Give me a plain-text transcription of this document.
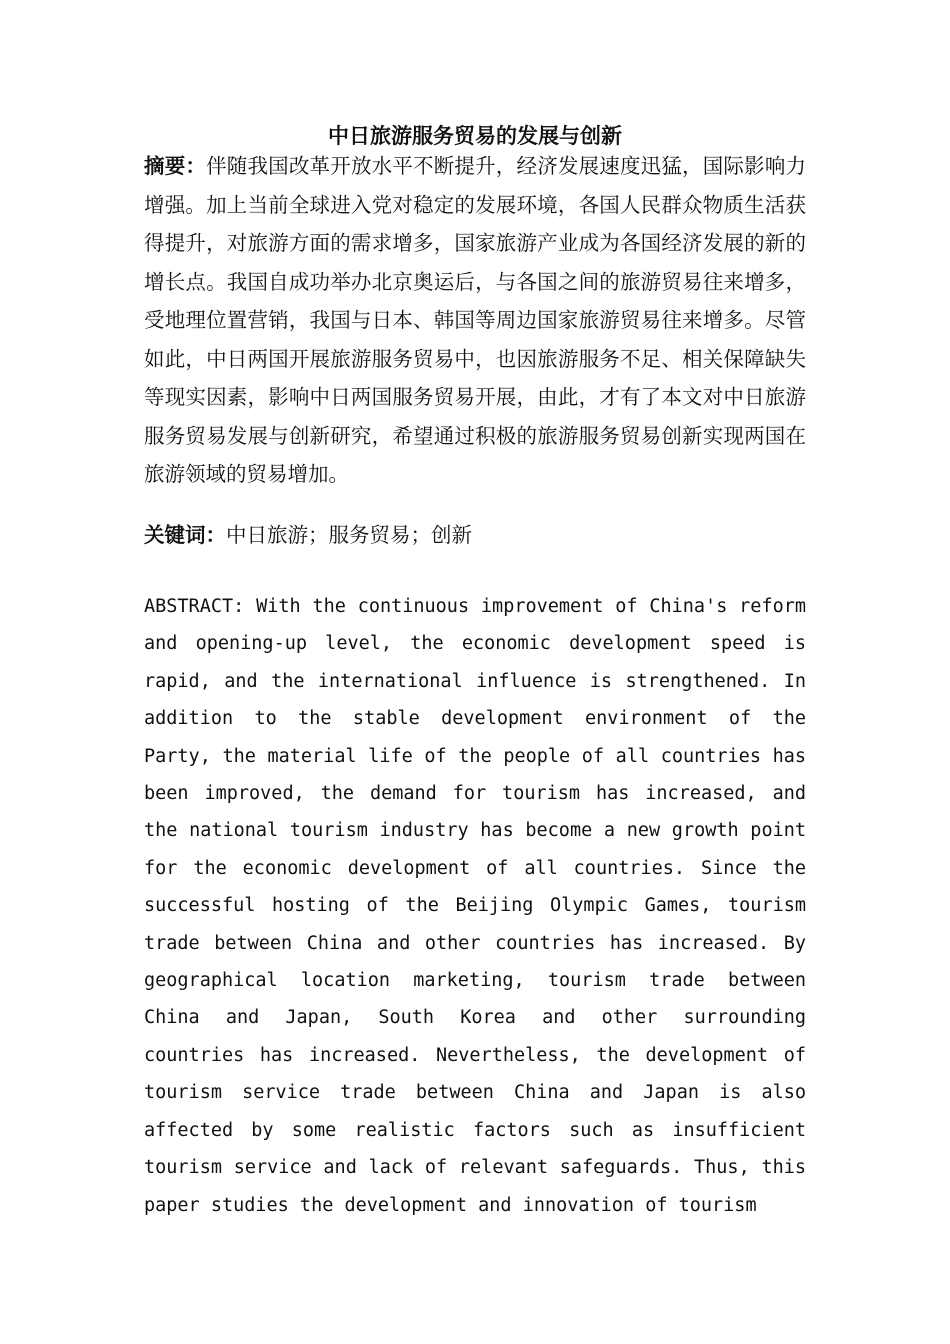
中日旅游服务贸易的发展与创新

摘要：伴随我国改革开放水平不断提升，经济发展速度迅猛，国际影响力增强。加上当前全球进入党对稳定的发展环境，各国人民群众物质生活获得提升，对旅游方面的需求增多，国家旅游产业成为各国经济发展的新的增长点。我国自成功举办北京奥运后，与各国之间的旅游贸易往来增多，受地理位置营销，我国与日本、韩国等周边国家旅游贸易往来增多。尽管如此，中日两国开展旅游服务贸易中，也因旅游服务不足、相关保障缺失等现实因素，影响中日两国服务贸易开展，由此，才有了本文对中日旅游服务贸易发展与创新研究，希望通过积极的旅游服务贸易创新实现两国在旅游领域的贸易增加。

关键词：中日旅游；服务贸易；创新

ABSTRACT: With the continuous improvement of China's reform and opening-up level, the economic development speed is rapid, and the international influence is strengthened. In addition to the stable development environment of the Party, the material life of the people of all countries has been improved, the demand for tourism has increased, and the national tourism industry has become a new growth point for the economic development of all countries. Since the successful hosting of the Beijing Olympic Games, tourism trade between China and other countries has increased. By geographical location marketing, tourism trade between China and Japan, South Korea and other surrounding countries has increased. Nevertheless, the development of tourism service trade between China and Japan is also affected by some realistic factors such as insufficient tourism service and lack of relevant safeguards. Thus, this paper studies the development and innovation of tourism
